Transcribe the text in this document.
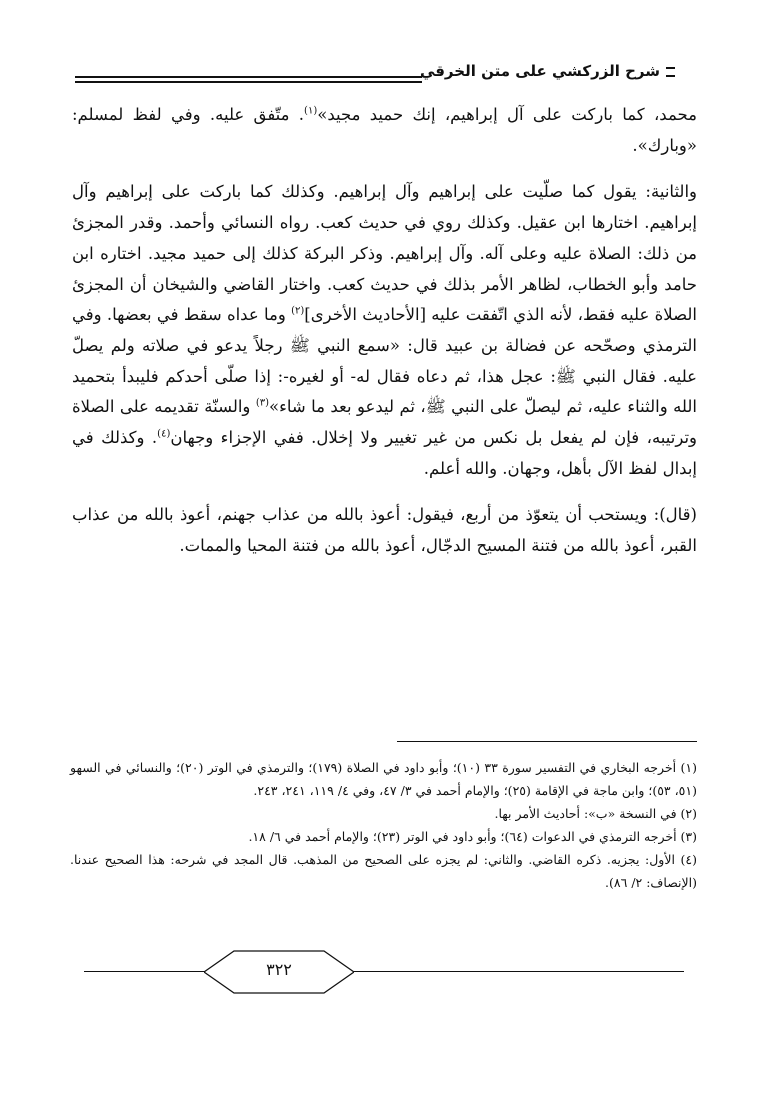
شرح الزركشي على متن الخرقي

محمد، كما باركت على آل إبراهيم، إنك حميد مجيد»$^{(١)}$. متّفق عليه. وفي لفظ لمسلم: «وبارك».

والثانية: يقول كما صلّيت على إبراهيم وآل إبراهيم. وكذلك كما باركت على إبراهيم وآل إبراهيم. اختارها ابن عقيل. وكذلك روي في حديث كعب. رواه النسائي وأحمد. وقدر المجزئ من ذلك: الصلاة عليه وعلى آله. وآل إبراهيم. وذكر البركة كذلك إلى حميد مجيد. اختاره ابن حامد وأبو الخطاب، لظاهر الأمر بذلك في حديث كعب. واختار القاضي والشيخان أن المجزئ الصلاة عليه فقط، لأنه الذي اتّفقت عليه [الأحاديث الأخرى]$^{(٢)}$ وما عداه سقط في بعضها. وفي الترمذي وصحّحه عن فضالة بن عبيد قال: «سمع النبي ﷺ رجلاً يدعو في صلاته ولم يصلّ عليه. فقال النبي ﷺ: عجل هذا، ثم دعاه فقال له- أو لغيره-: إذا صلّى أحدكم فليبدأ بتحميد الله والثناء عليه، ثم ليصلّ على النبي ﷺ، ثم ليدعو بعد ما شاء»$^{(٣)}$ والسنّة تقديمه على الصلاة وترتيبه، فإن لم يفعل بل نكس من غير تغيير ولا إخلال. ففي الإجزاء وجهان$^{(٤)}$. وكذلك في إبدال لفظ الآل بأهل، وجهان. والله أعلم.

(قال): ويستحب أن يتعوّذ من أربع، فيقول: أعوذ بالله من عذاب جهنم، أعوذ بالله من عذاب القبر، أعوذ بالله من فتنة المسيح الدجّال، أعوذ بالله من فتنة المحيا والممات.

(١) أخرجه البخاري في التفسير سورة ٣٣ (١٠)؛ وأبو داود في الصلاة (١٧٩)؛ والترمذي في الوتر (٢٠)؛ والنسائي في السهو (٥١، ٥٣)؛ وابن ماجة في الإقامة (٢٥)؛ والإمام أحمد في ٣/ ٤٧، وفي ٤/ ١١٩، ٢٤١، ٢٤٣.

(٢) في النسخة «ب»: أحاديث الأمر بها.

(٣) أخرجه الترمذي في الدعوات (٦٤)؛ وأبو داود في الوتر (٢٣)؛ والإمام أحمد في ٦/ ١٨.

(٤) الأول: يجزيه. ذكره القاضي. والثاني: لم يجزه على الصحيح من المذهب. قال المجد في شرحه: هذا الصحيح عندنا. (الإنصاف: ٢/ ٨٦).

٣٢٢
